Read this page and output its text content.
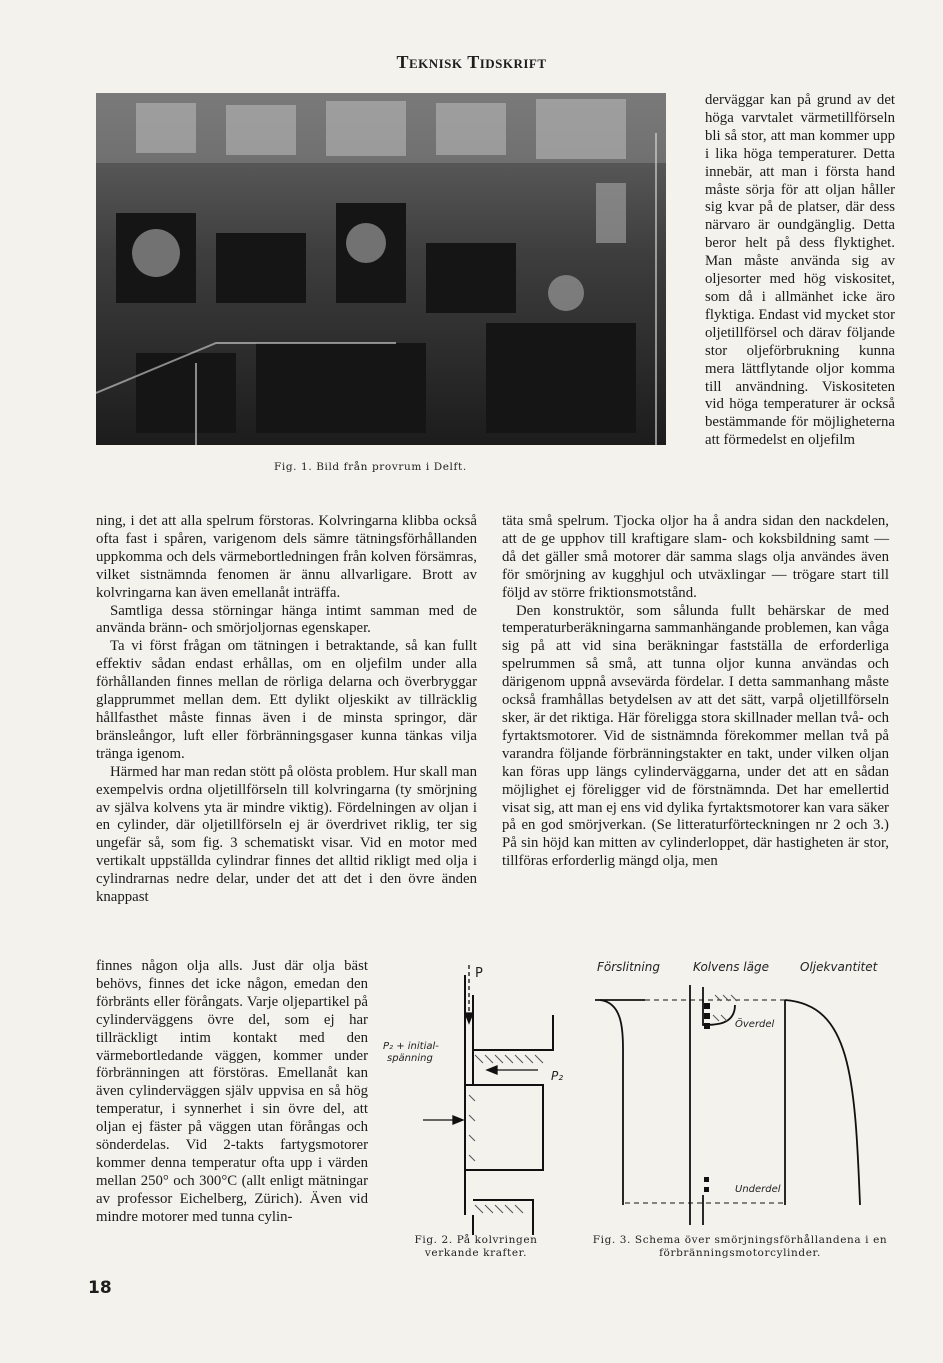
Teknisk Tidskrift
Fig. 1. Bild från provrum i Delft.

derväggar kan på grund av det höga varvtalet värmetillförseln bli så stor, att man kommer upp i lika höga temperaturer. Detta innebär, att man i första hand måste sörja för att oljan håller sig kvar på de platser, där dess närvaro är oundgänglig. Detta beror helt på dess flyktighet. Man måste använda sig av oljesorter med hög viskositet, som då i allmänhet icke äro flyktiga. Endast vid mycket stor oljetillförsel och därav följande stor oljeförbrukning kunna mera lättflytande oljor komma till användning. Viskositeten vid höga temperaturer är också bestämmande för möjligheterna att förmedelst en oljefilm

ning, i det att alla spelrum förstoras. Kolvringarna klibba också ofta fast i spåren, varigenom dels sämre tätningsförhållanden uppkomma och dels värmebortledningen från kolven försämras, vilket sistnämnda fenomen är ännu allvarligare. Brott av kolvringarna kan även emellanåt inträffa.

Samtliga dessa störningar hänga intimt samman med de använda bränn- och smörjoljornas egenskaper.

Ta vi först frågan om tätningen i betraktande, så kan fullt effektiv sådan endast erhållas, om en oljefilm under alla förhållanden finnes mellan de rörliga delarna och överbryggar glapprummet mellan dem. Ett dylikt oljeskikt av tillräcklig hållfasthet måste finnas även i de minsta springor, där bränsleångor, luft eller förbränningsgaser kunna tänkas vilja tränga igenom.

Härmed har man redan stött på olösta problem. Hur skall man exempelvis ordna oljetillförseln till kolvringarna (ty smörjning av själva kolvens yta är mindre viktig). Fördelningen av oljan i en cylinder, där oljetillförseln ej är överdrivet riklig, ter sig ungefär så, som fig. 3 schematiskt visar. Vid en motor med vertikalt uppställda cylindrar finnes det alltid rikligt med olja i cylindrarnas nedre delar, under det att det i den övre änden knappast

täta små spelrum. Tjocka oljor ha å andra sidan den nackdelen, att de ge upphov till kraftigare slam- och koksbildning samt — då det gäller små motorer där samma slags olja användes även för smörjning av kugghjul och utväxlingar — trögare start till följd av större friktionsmotstånd.

Den konstruktör, som sålunda fullt behärskar de med temperaturberäkningarna sammanhängande problemen, kan våga sig på att vid sina beräkningar fastställa de erforderliga spelrummen så små, att tunna oljor kunna användas och därigenom uppnå avsevärda fördelar. I detta sammanhang måste också framhållas betydelsen av att det sätt, varpå oljetillförseln sker, är det riktiga. Här föreligga stora skillnader mellan två- och fyrtaktsmotorer. Vid de sistnämnda förekommer mellan två på varandra följande förbränningstakter en takt, under vilken oljan kan föras upp längs cylinderväggarna, under det att en sådan möjlighet ej föreligger vid de förstnämnda. Det har emellertid visat sig, att man ej ens vid dylika fyrtaktsmotorer kan vara säker på en god smörjverkan. (Se litteraturförteckningen nr 2 och 3.) På sin höjd kan mitten av cylinderloppet, där hastigheten är stor, tillföras erforderlig mängd olja, men

finnes någon olja alls. Just där olja bäst behövs, finnes det icke någon, emedan den förbränts eller förångats. Varje oljepartikel på cylinderväggens övre del, som ej har tillräckligt intim kontakt med den värmebortledande väggen, kommer under förbränningen att förstöras. Emellanåt kan även cylinderväggen själv uppvisa en så hög temperatur, i synnerhet i sin övre del, att oljan ej fäster på väggen utan förångas och sönderdelas. Vid 2-takts fartygsmotorer kommer denna temperatur ofta upp i värden mellan 250° och 300°C (allt enligt mätningar av professor Eichelberg, Zürich). Även vid mindre motorer med tunna cylin-

P
P₂ + initial-
spänning
P₂
Fig. 2. På kolvringen verkande krafter.
Förslitning	Kolvens läge	Oljekvantitet
Överdel
Underdel
Fig. 3. Schema över smörjningsförhållandena i en förbränningsmotorcylinder.
18
